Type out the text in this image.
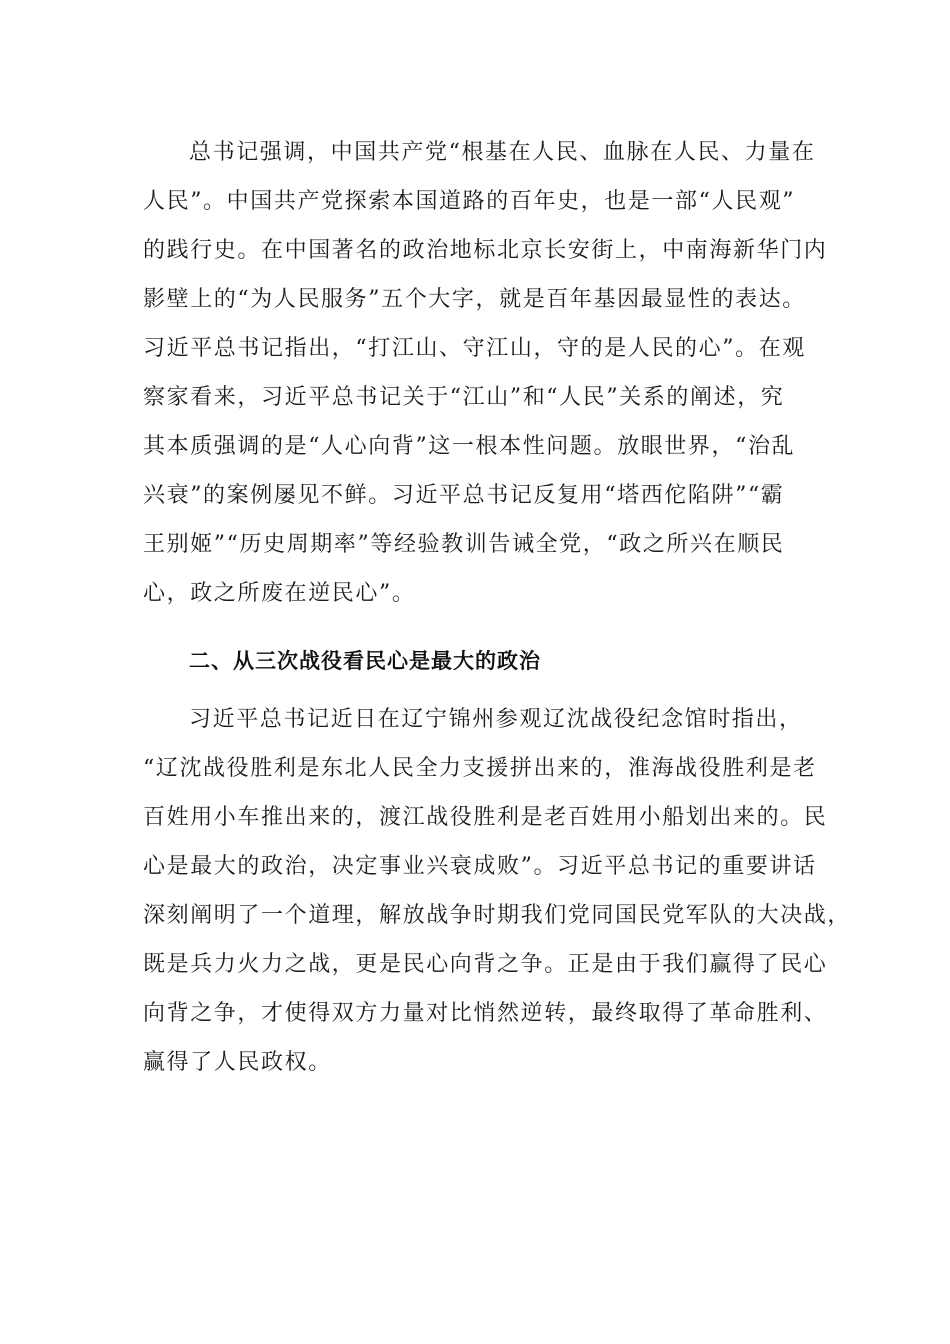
总书记强调，中国共产党“根基在人民、血脉在人民、力量在
人民”。中国共产党探索本国道路的百年史，也是一部“人民观”
的践行史。在中国著名的政治地标北京长安街上，中南海新华门内
影壁上的“为人民服务”五个大字，就是百年基因最显性的表达。
习近平总书记指出，“打江山、守江山，守的是人民的心”。在观
察家看来，习近平总书记关于“江山”和“人民”关系的阐述，究
其本质强调的是“人心向背”这一根本性问题。放眼世界，“治乱
兴衰”的案例屡见不鲜。习近平总书记反复用“塔西佗陷阱”“霸
王别姬”“历史周期率”等经验教训告诫全党，“政之所兴在顺民
心，政之所废在逆民心”。
二、从三次战役看民心是最大的政治
习近平总书记近日在辽宁锦州参观辽沈战役纪念馆时指出，
“辽沈战役胜利是东北人民全力支援拼出来的，淮海战役胜利是老
百姓用小车推出来的，渡江战役胜利是老百姓用小船划出来的。民
心是最大的政治，决定事业兴衰成败”。习近平总书记的重要讲话
深刻阐明了一个道理，解放战争时期我们党同国民党军队的大决战，
既是兵力火力之战，更是民心向背之争。正是由于我们赢得了民心
向背之争，才使得双方力量对比悄然逆转，最终取得了革命胜利、
赢得了人民政权。
